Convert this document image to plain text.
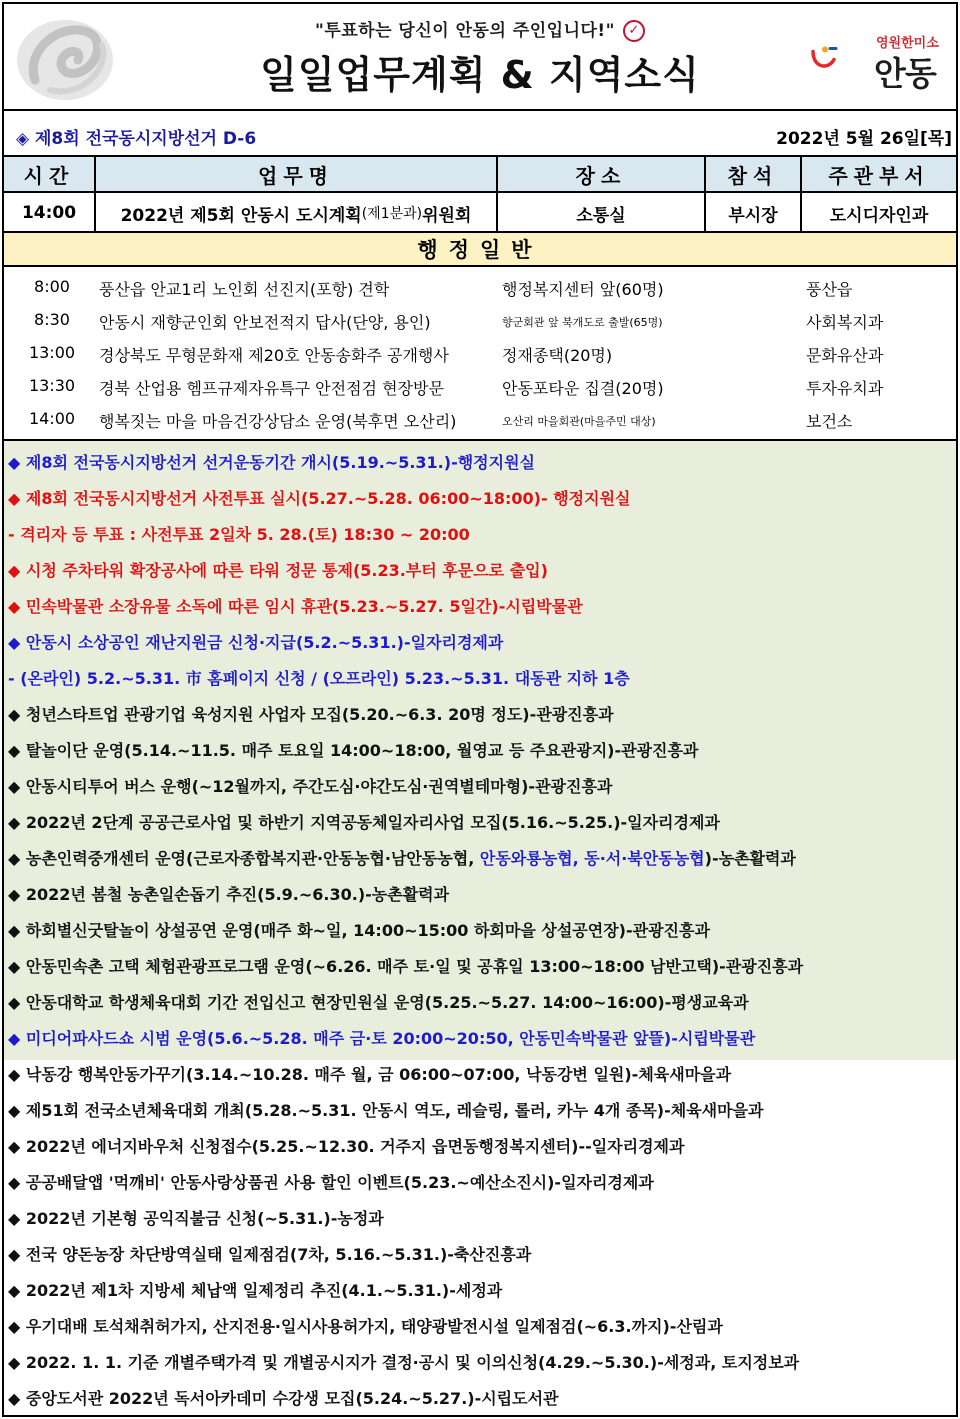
"투표하는 당신이 안동의 주인입니다!" ✓
일일업무계획 & 지역소식
영원한미소
안동
◈ 제8회 전국동시지방선거 D-6	2022년 5월 26일[목]
시간	업무명	장소	참석	주관부서
14:00	2022년 제5회 안동시 도시계획 (제1분과) 위원회	소통실	부시장	도시디자인과
행정일반
8:00	풍산읍 안교1리 노인회 선진지(포항) 견학	행정복지센터 앞(60명)	풍산읍
8:30	안동시 재향군인회 안보전적지 답사(단양, 용인)	향군회관 앞 북개도로 출발(65명)	사회복지과
13:00	경상북도 무형문화재 제20호 안동송화주 공개행사	정재종택(20명)	문화유산과
13:30	경북 산업용 헴프규제자유특구 안전점검 현장방문	안동포타운 집결(20명)	투자유치과
14:00	행복짓는 마을 마음건강상담소 운영(북후면 오산리)	오산리 마을회관(마을주민 대상)	보건소
◆ 제8회 전국동시지방선거 선거운동기간 개시(5.19.~5.31.)-행정지원실
◆ 제8회 전국동시지방선거 사전투표 실시(5.27.~5.28. 06:00~18:00)- 행정지원실
- 격리자 등 투표 : 사전투표 2일차 5. 28.(토) 18:30 ~ 20:00
◆ 시청 주차타워 확장공사에 따른 타워 정문 통제(5.23.부터 후문으로 출입)
◆ 민속박물관 소장유물 소독에 따른 임시 휴관(5.23.~5.27. 5일간)-시립박물관
◆ 안동시 소상공인 재난지원금 신청·지급(5.2.~5.31.)-일자리경제과
- (온라인) 5.2.~5.31. 市 홈페이지 신청 / (오프라인) 5.23.~5.31. 대동관 지하 1층
◆ 청년스타트업 관광기업 육성지원 사업자 모집(5.20.~6.3. 20명 정도)-관광진흥과
◆ 탈놀이단 운영(5.14.~11.5. 매주 토요일 14:00~18:00, 월영교 등 주요관광지)-관광진흥과
◆ 안동시티투어 버스 운행(~12월까지, 주간도심·야간도심·권역별테마형)-관광진흥과
◆ 2022년 2단계 공공근로사업 및 하반기 지역공동체일자리사업 모집(5.16.~5.25.)-일자리경제과
◆ 농촌인력중개센터 운영(근로자종합복지관·안동농협·남안동농협, 안동와룡농협, 동·서·북안동농협)-농촌활력과
◆ 2022년 봄철 농촌일손돕기 추진(5.9.~6.30.)-농촌활력과
◆ 하회별신굿탈놀이 상설공연 운영(매주 화~일, 14:00~15:00 하회마을 상설공연장)-관광진흥과
◆ 안동민속촌 고택 체험관광프로그램 운영(~6.26. 매주 토·일 및 공휴일 13:00~18:00 남반고택)-관광진흥과
◆ 안동대학교 학생체육대회 기간 전입신고 현장민원실 운영(5.25.~5.27. 14:00~16:00)-평생교육과
◆ 미디어파사드쇼 시범 운영(5.6.~5.28. 매주 금·토 20:00~20:50, 안동민속박물관 앞뜰)-시립박물관
◆ 낙동강 행복안동가꾸기(3.14.~10.28. 매주 월, 금 06:00~07:00, 낙동강변 일원)-체육새마을과
◆ 제51회 전국소년체육대회 개최(5.28.~5.31. 안동시 역도, 레슬링, 롤러, 카누 4개 종목)-체육새마을과
◆ 2022년 에너지바우처 신청접수(5.25.~12.30. 거주지 읍면동행정복지센터)--일자리경제과
◆ 공공배달앱 '먹깨비' 안동사랑상품권 사용 할인 이벤트(5.23.~예산소진시)-일자리경제과
◆ 2022년 기본형 공익직불금 신청(~5.31.)-농정과
◆ 전국 양돈농장 차단방역실태 일제점검(7차, 5.16.~5.31.)-축산진흥과
◆ 2022년 제1차 지방세 체납액 일제정리 추진(4.1.~5.31.)-세정과
◆ 우기대배 토석채취허가지, 산지전용·일시사용허가지, 태양광발전시설 일제점검(~6.3.까지)-산림과
◆ 2022. 1. 1. 기준 개별주택가격 및 개별공시지가 결정·공시 및 이의신청(4.29.~5.30.)-세정과, 토지정보과
◆ 중앙도서관 2022년 독서아카데미 수강생 모집(5.24.~5.27.)-시립도서관
